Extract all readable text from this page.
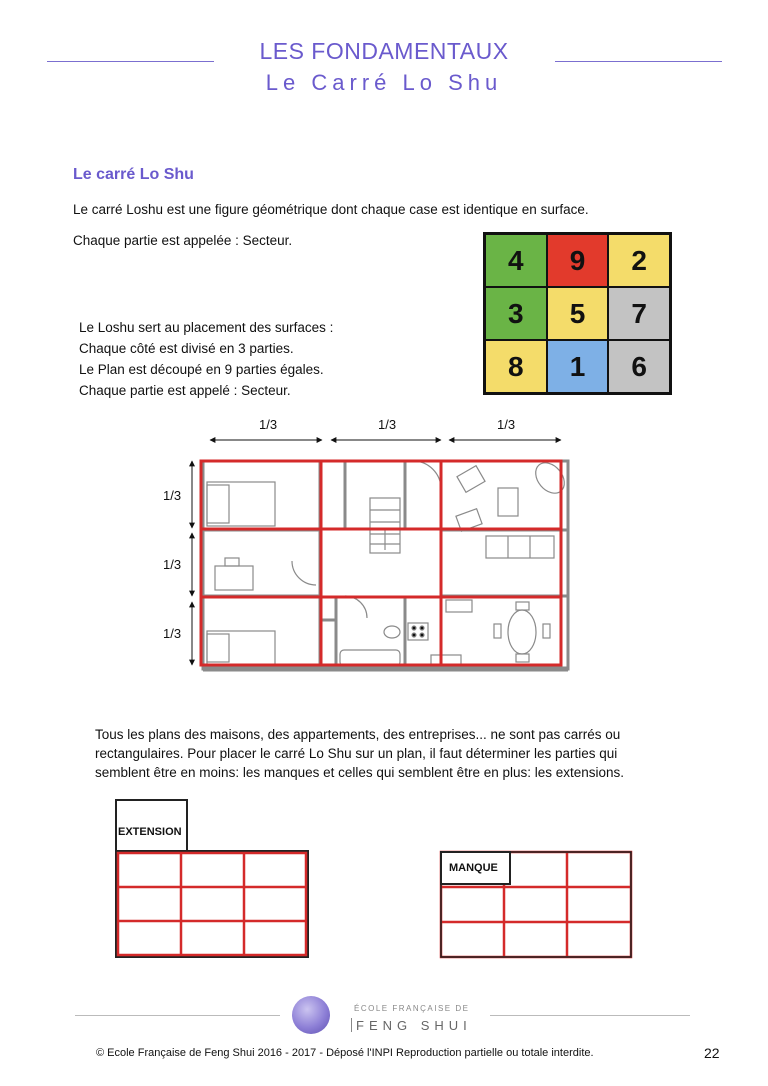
LES FONDAMENTAUX
Le Carré Lo Shu
Le carré Lo Shu
Le carré Loshu est une figure géométrique dont chaque case est identique en surface.
Chaque partie est appelée : Secteur.
Le Loshu sert au placement des surfaces :
Chaque côté est divisé en 3 parties.
Le Plan est découpé en 9 parties égales.
Chaque partie est appelé : Secteur.
4	9	2
3	5	7
8	1	6
1/3	1/3	1/3
1/3
1/3
1/3
Tous les plans des maisons, des appartements, des entreprises... ne sont pas carrés ou
rectangulaires. Pour placer le carré Lo Shu sur un plan, il faut déterminer les parties qui
semblent être en moins: les manques et celles qui semblent être en plus: les extensions.
EXTENSION
MANQUE
ÉCOLE FRANÇAISE DE
FENG SHUI
© Ecole Française de Feng Shui 2016 - 2017 - Déposé l'INPI Reproduction partielle ou totale interdite.	22
